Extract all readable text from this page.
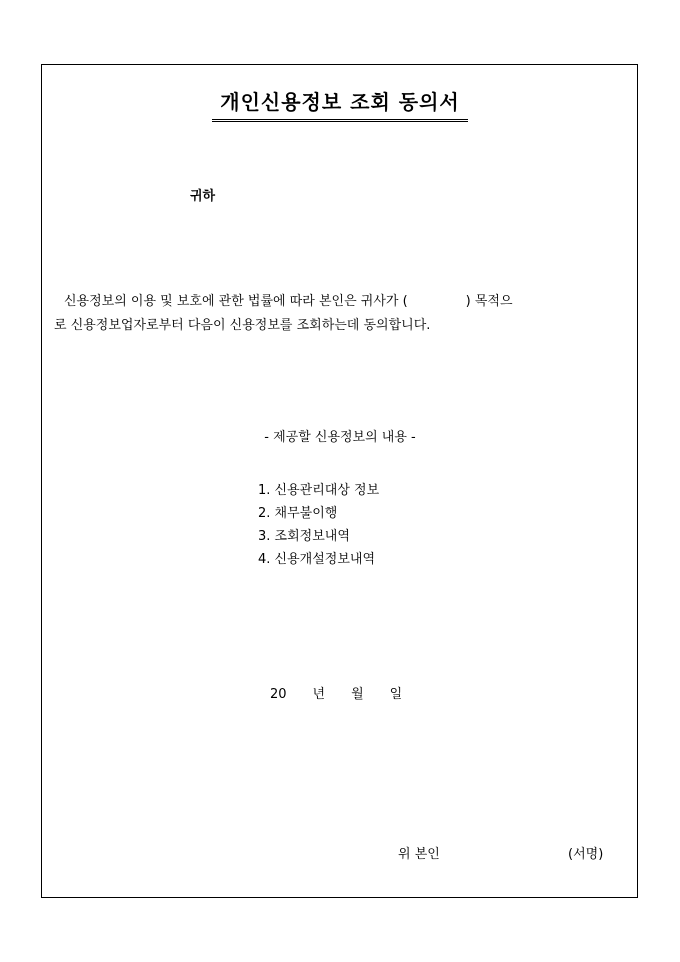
개인신용정보 조회 동의서
귀하
신용정보의 이용 및 보호에 관한 법률에 따라 본인은 귀사가 (	) 목적으
로 신용정보업자로부터 다음이 신용정보를 조회하는데 동의합니다.
- 제공할 신용정보의 내용 -
1. 신용관리대상 정보
2. 채무불이행
3. 조회정보내역
4. 신용개설정보내역
20 년 월 일
위 본인	(서명)
